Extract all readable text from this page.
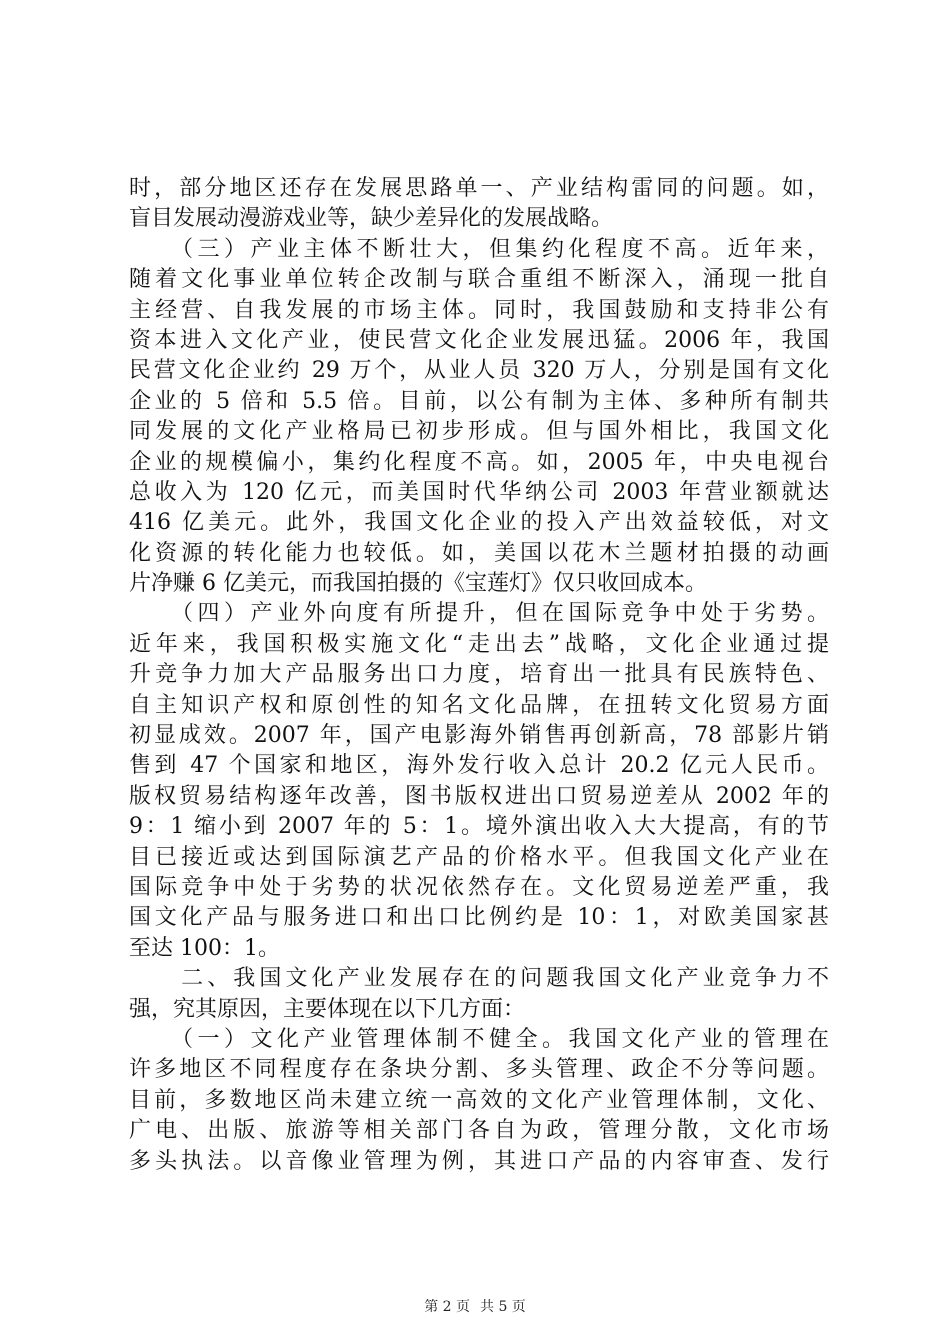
时，部分地区还存在发展思路单一、产业结构雷同的问题。如，
盲目发展动漫游戏业等，缺少差异化的发展战略。
　　（三）产业主体不断壮大，但集约化程度不高。近年来，
随着文化事业单位转企改制与联合重组不断深入，涌现一批自
主经营、自我发展的市场主体。同时，我国鼓励和支持非公有
资本进入文化产业，使民营文化企业发展迅猛。2006 年，我国
民营文化企业约 29 万个，从业人员 320 万人，分别是国有文化
企业的 5 倍和 5.5 倍。目前，以公有制为主体、多种所有制共
同发展的文化产业格局已初步形成。但与国外相比，我国文化
企业的规模偏小，集约化程度不高。如，2005 年，中央电视台
总收入为 120 亿元，而美国时代华纳公司 2003 年营业额就达
416 亿美元。此外，我国文化企业的投入产出效益较低，对文
化资源的转化能力也较低。如，美国以花木兰题材拍摄的动画
片净赚 6 亿美元，而我国拍摄的《宝莲灯》仅只收回成本。
　　（四）产业外向度有所提升，但在国际竞争中处于劣势。
近年来，我国积极实施文化“走出去”战略，文化企业通过提
升竞争力加大产品服务出口力度，培育出一批具有民族特色、
自主知识产权和原创性的知名文化品牌，在扭转文化贸易方面
初显成效。2007 年，国产电影海外销售再创新高，78 部影片销
售到 47 个国家和地区，海外发行收入总计 20.2 亿元人民币。
版权贸易结构逐年改善，图书版权进出口贸易逆差从 2002 年的
9：1 缩小到 2007 年的 5：1。境外演出收入大大提高，有的节
目已接近或达到国际演艺产品的价格水平。但我国文化产业在
国际竞争中处于劣势的状况依然存在。文化贸易逆差严重，我
国文化产品与服务进口和出口比例约是 10：1，对欧美国家甚
至达 100：1。
　　二、我国文化产业发展存在的问题我国文化产业竞争力不
强，究其原因，主要体现在以下几方面：
　　（一）文化产业管理体制不健全。我国文化产业的管理在
许多地区不同程度存在条块分割、多头管理、政企不分等问题。
目前，多数地区尚未建立统一高效的文化产业管理体制，文化、
广电、出版、旅游等相关部门各自为政，管理分散，文化市场
多头执法。以音像业管理为例，其进口产品的内容审查、发行
第 2 页 共 5 页
